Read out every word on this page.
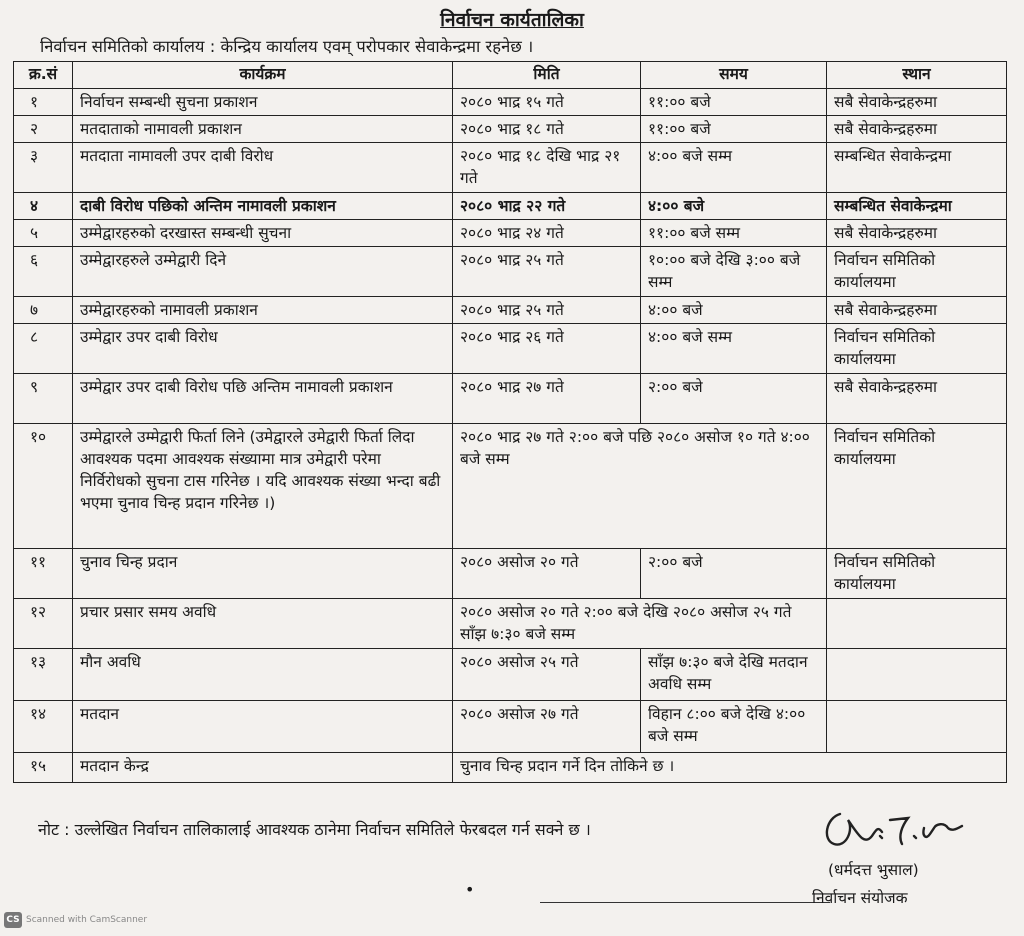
निर्वाचन कार्यतालिका
निर्वाचन समितिको कार्यालय : केन्द्रिय कार्यालय एवम् परोपकार सेवाकेन्द्रमा रहनेछ ।
क्र.सं	कार्यक्रम	मिति	समय	स्थान
१	निर्वाचन सम्बन्धी सुचना प्रकाशन	२०८० भाद्र १५ गते	११:०० बजे	सबै सेवाकेन्द्रहरुमा
२	मतदाताको नामावली प्रकाशन	२०८० भाद्र १८ गते	११:०० बजे	सबै सेवाकेन्द्रहरुमा
३	मतदाता नामावली उपर दाबी विरोध	२०८० भाद्र १८ देखि भाद्र २१ गते	४:०० बजे सम्म	सम्बन्धित सेवाकेन्द्रमा
४	दाबी विरोध पछिको अन्तिम नामावली प्रकाशन	२०८० भाद्र २२ गते	४:०० बजे	सम्बन्धित सेवाकेन्द्रमा
५	उम्मेद्वारहरुको दरखास्त सम्बन्धी सुचना	२०८० भाद्र २४ गते	११:०० बजे सम्म	सबै सेवाकेन्द्रहरुमा
६	उम्मेद्वारहरुले उम्मेद्वारी दिने	२०८० भाद्र २५ गते	१०:०० बजे देखि ३:०० बजे सम्म	निर्वाचन समितिको कार्यालयमा
७	उम्मेद्वारहरुको नामावली प्रकाशन	२०८० भाद्र २५ गते	४:०० बजे	सबै सेवाकेन्द्रहरुमा
८	उम्मेद्वार उपर दाबी विरोध	२०८० भाद्र २६ गते	४:०० बजे सम्म	निर्वाचन समितिको कार्यालयमा
९	उम्मेद्वार उपर दाबी विरोध पछि अन्तिम नामावली प्रकाशन	२०८० भाद्र २७ गते	२:०० बजे	सबै सेवाकेन्द्रहरुमा
१०	उम्मेद्वारले उम्मेद्वारी फिर्ता लिने (उमेद्वारले उमेद्वारी फिर्ता लिदा आवश्यक पदमा आवश्यक संख्यामा मात्र उमेद्वारी परेमा निर्विरोधको सुचना टास गरिनेछ । यदि आवश्यक संख्या भन्दा बढी भएमा चुनाव चिन्ह प्रदान गरिनेछ ।)	२०८० भाद्र २७ गते २:०० बजे पछि २०८० असोज १० गते ४:०० बजे सम्म		निर्वाचन समितिको कार्यालयमा
११	चुनाव चिन्ह प्रदान	२०८० असोज २० गते	२:०० बजे	निर्वाचन समितिको कार्यालयमा
१२	प्रचार प्रसार समय अवधि	२०८० असोज २० गते २:०० बजे देखि २०८० असोज २५ गते साँझ ७:३० बजे सम्म		
१३	मौन अवधि	२०८० असोज २५ गते	साँझ ७:३० बजे देखि मतदान अवधि सम्म	
१४	मतदान	२०८० असोज २७ गते	विहान ८:०० बजे देखि ४:०० बजे सम्म	
१५	मतदान केन्द्र	चुनाव चिन्ह प्रदान गर्ने दिन तोकिने छ ।		
नोट : उल्लेखित निर्वाचन तालिकालाई आवश्यक ठानेमा निर्वाचन समितिले फेरबदल गर्न सक्ने छ ।
(धर्मदत्त भुसाल)
•	निर्वाचन संयोजक
CS Scanned with CamScanner
